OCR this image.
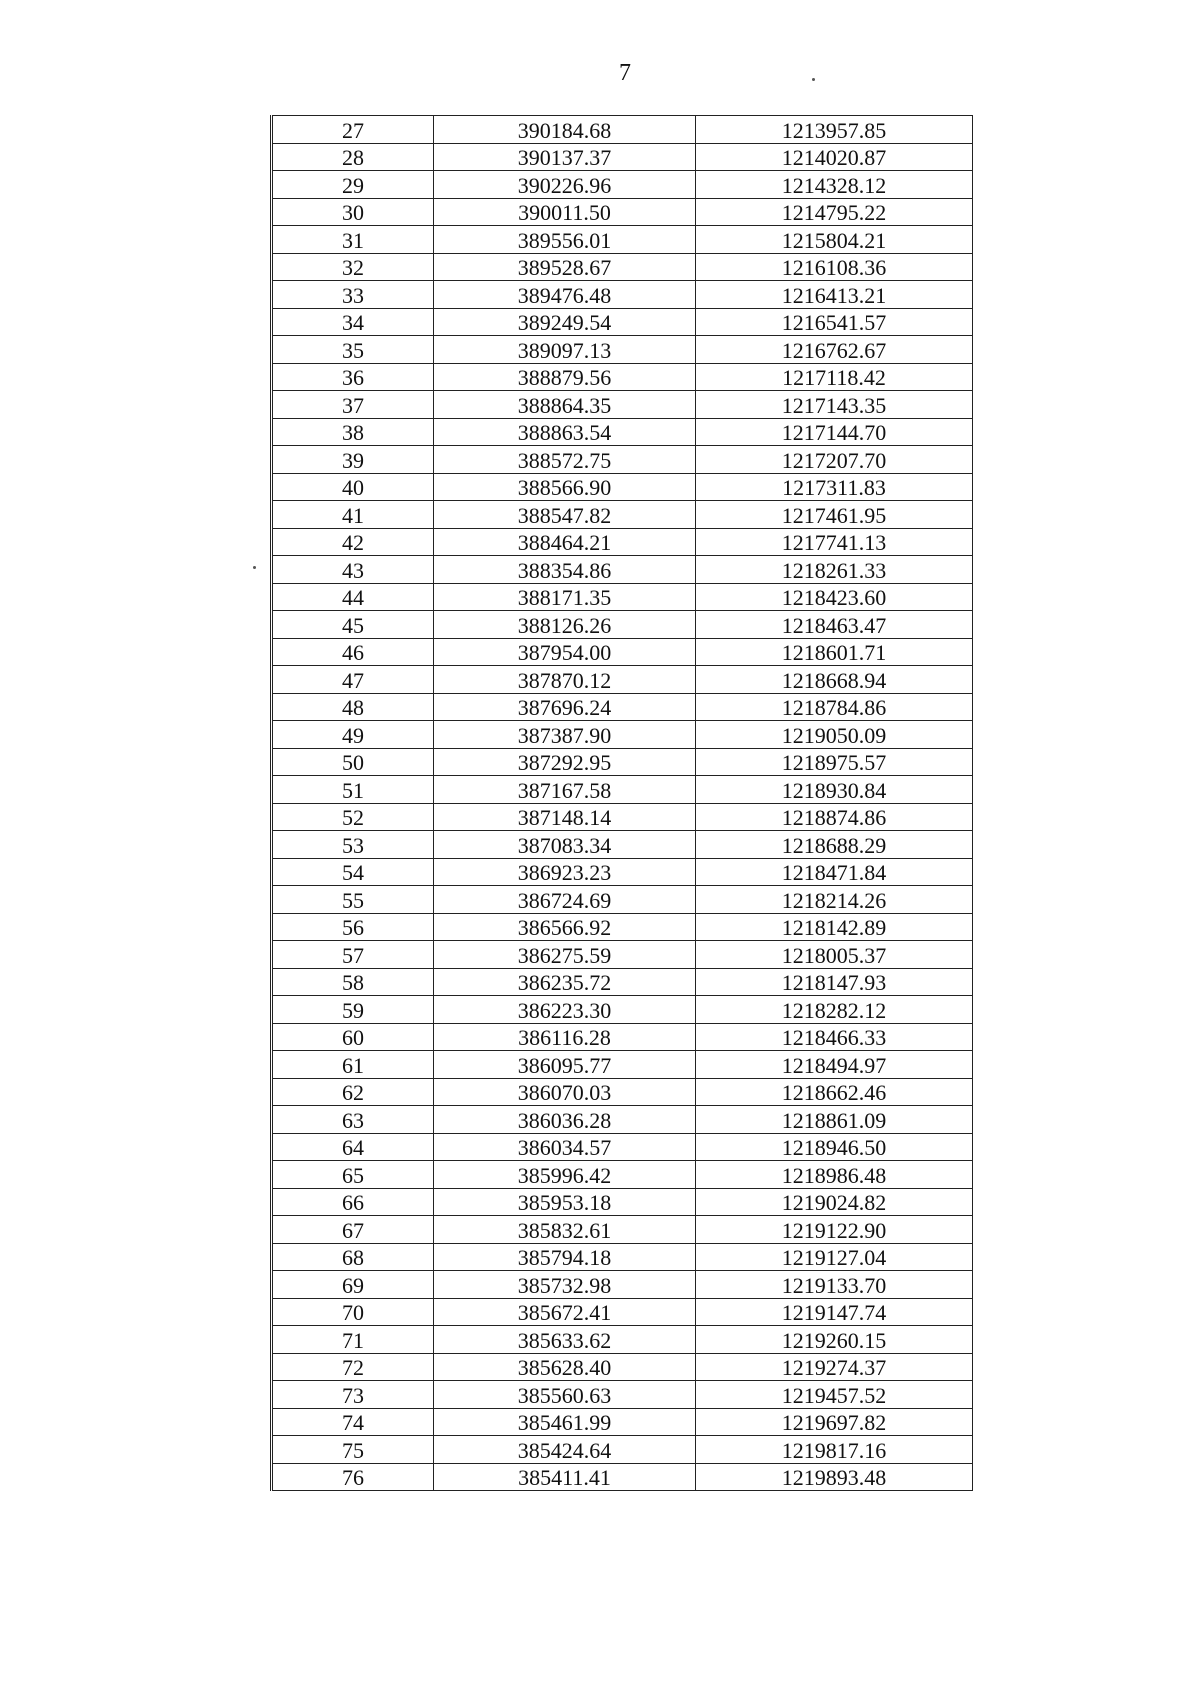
7
27	390184.68	1213957.85
28	390137.37	1214020.87
29	390226.96	1214328.12
30	390011.50	1214795.22
31	389556.01	1215804.21
32	389528.67	1216108.36
33	389476.48	1216413.21
34	389249.54	1216541.57
35	389097.13	1216762.67
36	388879.56	1217118.42
37	388864.35	1217143.35
38	388863.54	1217144.70
39	388572.75	1217207.70
40	388566.90	1217311.83
41	388547.82	1217461.95
42	388464.21	1217741.13
43	388354.86	1218261.33
44	388171.35	1218423.60
45	388126.26	1218463.47
46	387954.00	1218601.71
47	387870.12	1218668.94
48	387696.24	1218784.86
49	387387.90	1219050.09
50	387292.95	1218975.57
51	387167.58	1218930.84
52	387148.14	1218874.86
53	387083.34	1218688.29
54	386923.23	1218471.84
55	386724.69	1218214.26
56	386566.92	1218142.89
57	386275.59	1218005.37
58	386235.72	1218147.93
59	386223.30	1218282.12
60	386116.28	1218466.33
61	386095.77	1218494.97
62	386070.03	1218662.46
63	386036.28	1218861.09
64	386034.57	1218946.50
65	385996.42	1218986.48
66	385953.18	1219024.82
67	385832.61	1219122.90
68	385794.18	1219127.04
69	385732.98	1219133.70
70	385672.41	1219147.74
71	385633.62	1219260.15
72	385628.40	1219274.37
73	385560.63	1219457.52
74	385461.99	1219697.82
75	385424.64	1219817.16
76	385411.41	1219893.48
